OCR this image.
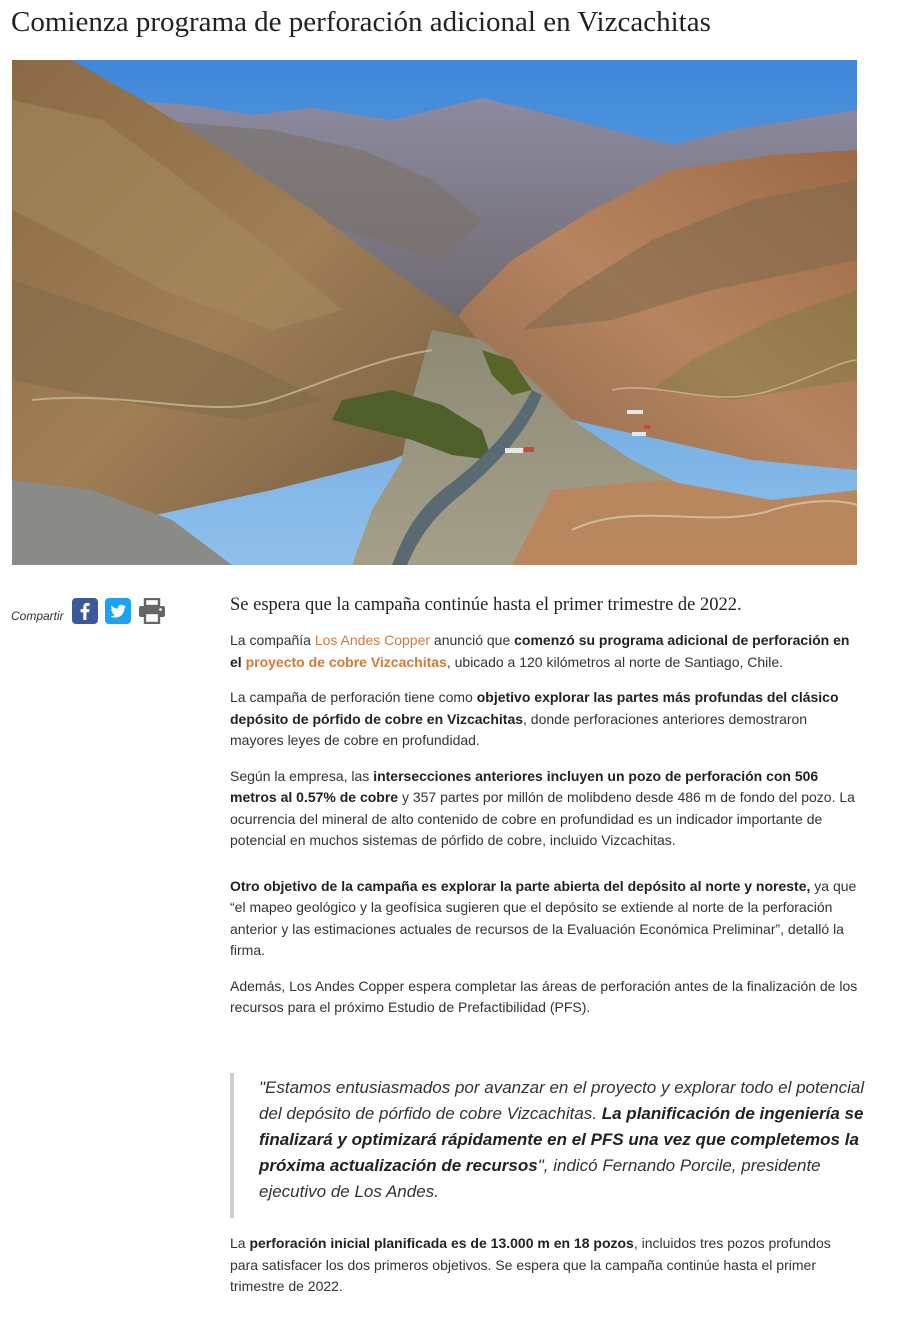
Comienza programa de perforación adicional en Vizcachitas
Compartir

Se espera que la campaña continúe hasta el primer trimestre de 2022.

La compañía Los Andes Copper anunció que comenzó su programa adicional de perforación en el proyecto de cobre Vizcachitas, ubicado a 120 kilómetros al norte de Santiago, Chile.

La campaña de perforación tiene como objetivo explorar las partes más profundas del clásico depósito de pórfido de cobre en Vizcachitas, donde perforaciones anteriores demostraron mayores leyes de cobre en profundidad.

Según la empresa, las intersecciones anteriores incluyen un pozo de perforación con 506 metros al 0.57% de cobre y 357 partes por millón de molibdeno desde 486 m de fondo del pozo. La ocurrencia del mineral de alto contenido de cobre en profundidad es un indicador importante de potencial en muchos sistemas de pórfido de cobre, incluido Vizcachitas.

Otro objetivo de la campaña es explorar la parte abierta del depósito al norte y noreste, ya que “el mapeo geológico y la geofísica sugieren que el depósito se extiende al norte de la perforación anterior y las estimaciones actuales de recursos de la Evaluación Económica Preliminar”, detalló la firma.

Además, Los Andes Copper espera completar las áreas de perforación antes de la finalización de los recursos para el próximo Estudio de Prefactibilidad (PFS).

"Estamos entusiasmados por avanzar en el proyecto y explorar todo el potencial del depósito de pórfido de cobre Vizcachitas. La planificación de ingeniería se finalizará y optimizará rápidamente en el PFS una vez que completemos la próxima actualización de recursos", indicó Fernando Porcile, presidente ejecutivo de Los Andes.

La perforación inicial planificada es de 13.000 m en 18 pozos, incluidos tres pozos profundos para satisfacer los dos primeros objetivos. Se espera que la campaña continúe hasta el primer trimestre de 2022.
